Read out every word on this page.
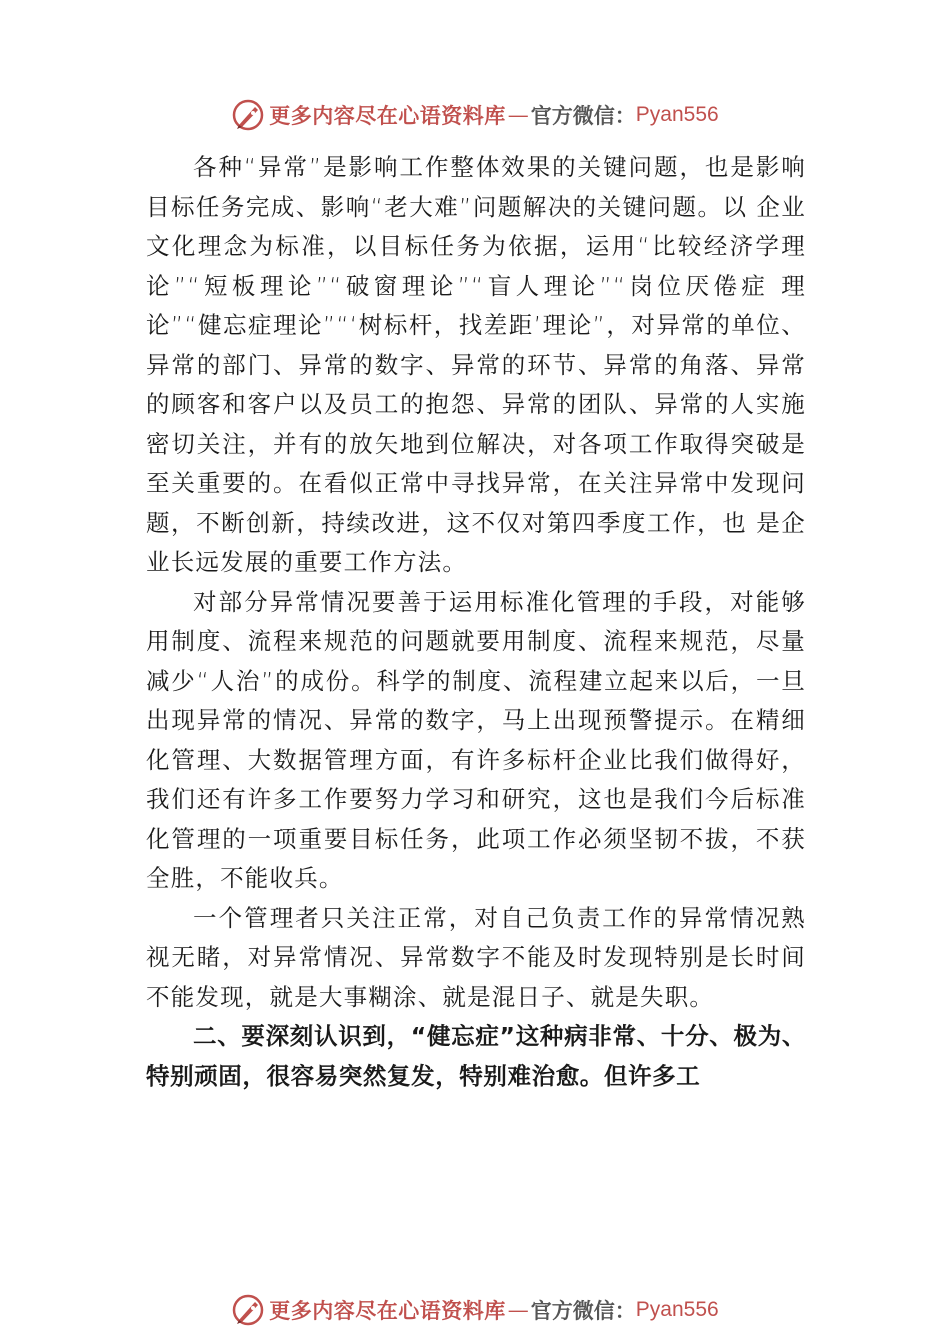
更多内容尽在心语资料库 — 官方微信： Pyan556

各种“异常”是影响工作整体效果的关键问题，也是影响目标任务完成、影响“老大难”问题解决的关键问题。以 企业文化理念为标准，以目标任务为依据，运用“比较经济学理论”“短板理论”“破窗理论”“盲人理论”“岗位厌倦症 理论”“健忘症理论”“‘树标杆，找差距’理论”，对异常的单位、异常的部门、异常的数字、异常的环节、异常的角落、异常的顾客和客户以及员工的抱怨、异常的团队、异常的人实施密切关注，并有的放矢地到位解决，对各项工作取得突破是至关重要的。在看似正常中寻找异常，在关注异常中发现问题，不断创新，持续改进，这不仅对第四季度工作，也 是企业长远发展的重要工作方法。

对部分异常情况要善于运用标准化管理的手段，对能够用制度、流程来规范的问题就要用制度、流程来规范，尽量减少“人治”的成份。科学的制度、流程建立起来以后，一旦出现异常的情况、异常的数字，马上出现预警提示。在精细化管理、大数据管理方面，有许多标杆企业比我们做得好，我们还有许多工作要努力学习和研究，这也是我们今后标准化管理的一项重要目标任务，此项工作必须坚韧不拔，不获全胜，不能收兵。

一个管理者只关注正常，对自己负责工作的异常情况熟视无睹，对异常情况、异常数字不能及时发现特别是长时间不能发现，就是大事糊涂、就是混日子、就是失职。

二、要深刻认识到，“健忘症”这种病非常、十分、极为、特别顽固，很容易突然复发，特别难治愈。但许多工

更多内容尽在心语资料库 — 官方微信： Pyan556
